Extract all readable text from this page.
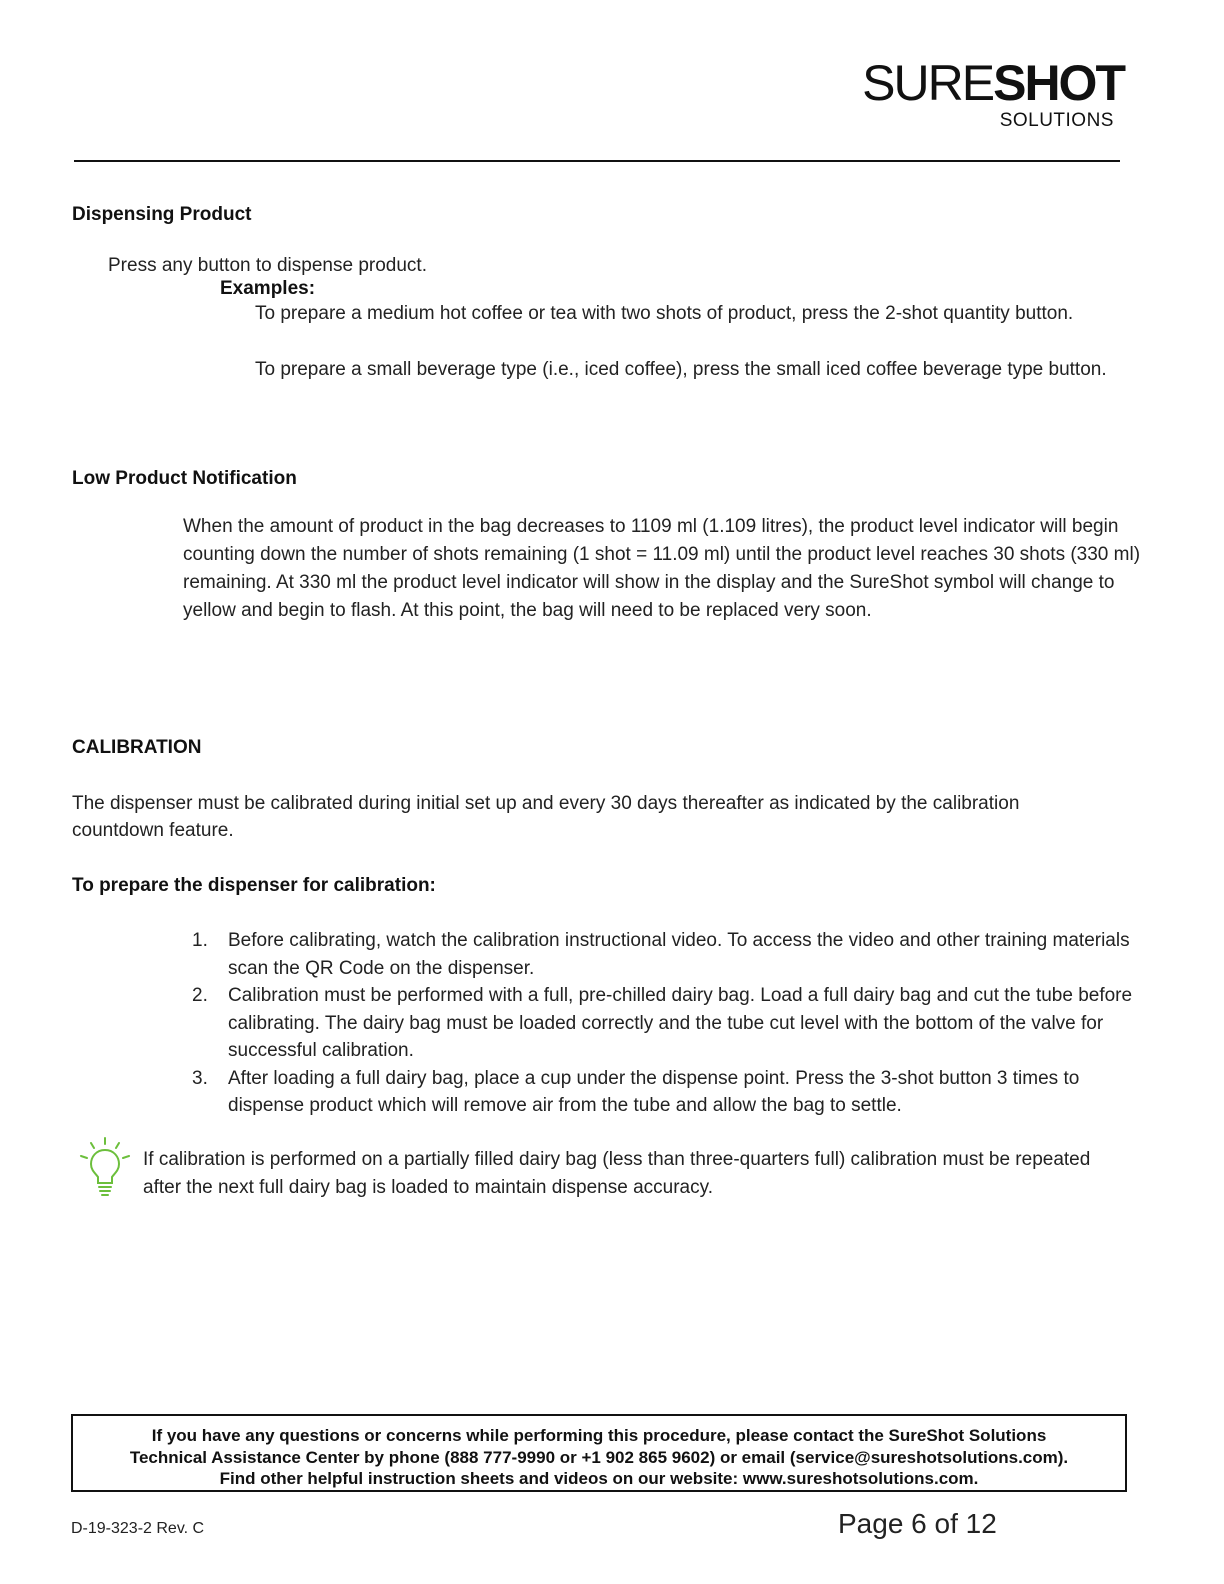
SURESHOT
SOLUTIONS
Dispensing Product
Press any button to dispense product.
Examples:
To prepare a medium hot coffee or tea with two shots of product, press the 2-shot quantity button.
To prepare a small beverage type (i.e., iced coffee), press the small iced coffee beverage type button.
Low Product Notification
When the amount of product in the bag decreases to 1109 ml (1.109 litres), the product level indicator will begin counting down the number of shots remaining (1 shot = 11.09 ml) until the product level reaches 30 shots (330 ml) remaining. At 330 ml the product level indicator will show in the display and the SureShot symbol will change to yellow and begin to flash. At this point, the bag will need to be replaced very soon.
CALIBRATION
The dispenser must be calibrated during initial set up and every 30 days thereafter as indicated by the calibration countdown feature.
To prepare the dispenser for calibration:
1. Before calibrating, watch the calibration instructional video. To access the video and other training materials scan the QR Code on the dispenser.
2. Calibration must be performed with a full, pre-chilled dairy bag. Load a full dairy bag and cut the tube before calibrating. The dairy bag must be loaded correctly and the tube cut level with the bottom of the valve for successful calibration.
3. After loading a full dairy bag, place a cup under the dispense point. Press the 3-shot button 3 times to dispense product which will remove air from the tube and allow the bag to settle.
If calibration is performed on a partially filled dairy bag (less than three-quarters full) calibration must be repeated after the next full dairy bag is loaded to maintain dispense accuracy.
If you have any questions or concerns while performing this procedure, please contact the SureShot Solutions
Technical Assistance Center by phone (888 777-9990 or +1 902 865 9602) or email (service@sureshotsolutions.com).
Find other helpful instruction sheets and videos on our website: www.sureshotsolutions.com.
D-19-323-2 Rev. C	Page 6 of 12
